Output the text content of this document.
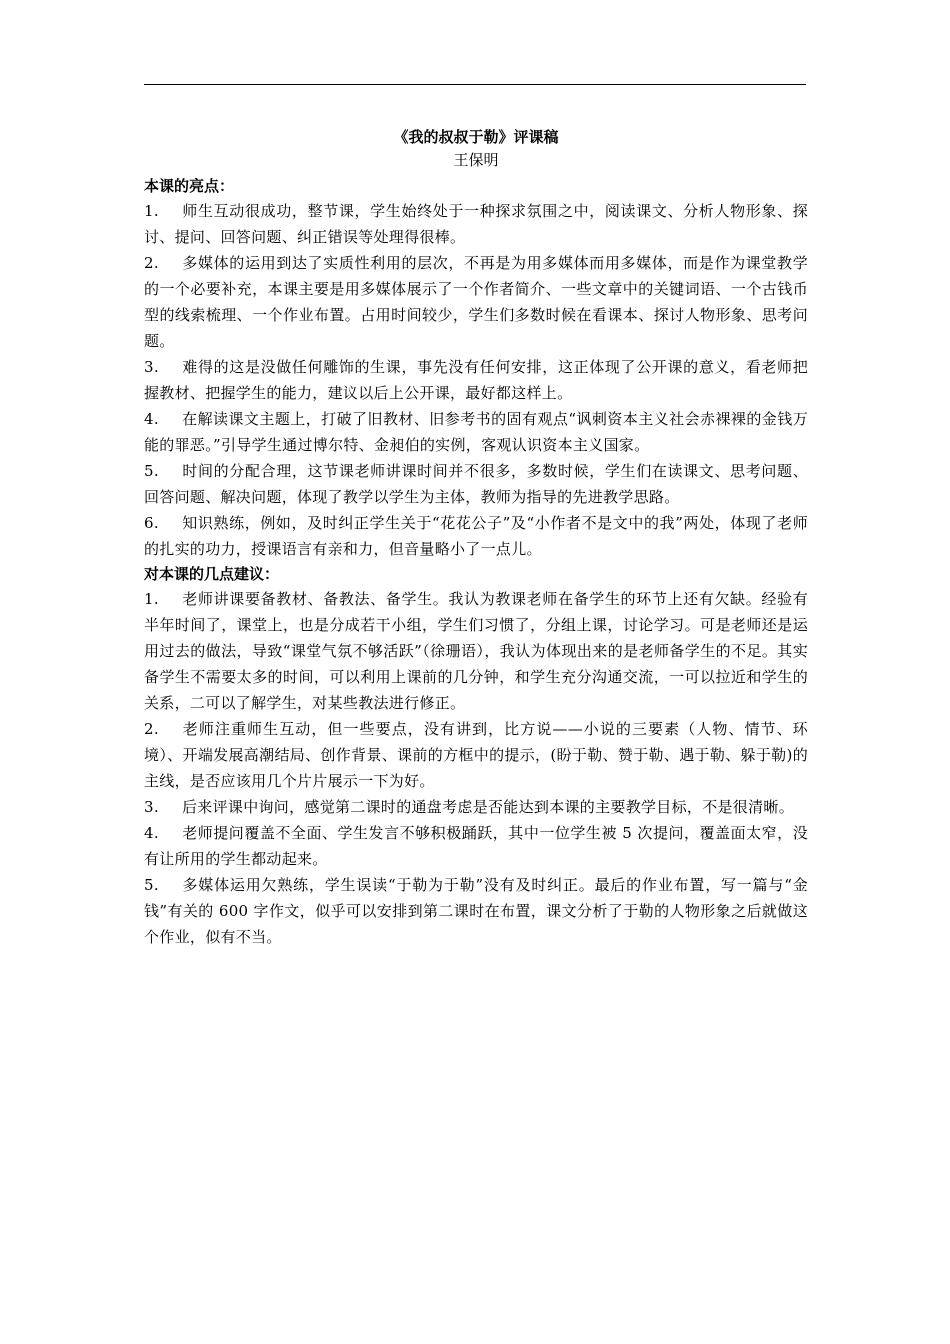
《我的叔叔于勒》评课稿

王保明

本课的亮点：

1. 师生互动很成功，整节课，学生始终处于一种探求氛围之中，阅读课文、分析人物形象、探讨、提问、回答问题、纠正错误等处理得很棒。

2. 多媒体的运用到达了实质性利用的层次，不再是为用多媒体而用多媒体，而是作为课堂教学的一个必要补充，本课主要是用多媒体展示了一个作者简介、一些文章中的关键词语、一个古钱币型的线索梳理、一个作业布置。占用时间较少，学生们多数时候在看课本、探讨人物形象、思考问题。

3. 难得的这是没做任何雕饰的生课，事先没有任何安排，这正体现了公开课的意义，看老师把握教材、把握学生的能力，建议以后上公开课，最好都这样上。

4. 在解读课文主题上，打破了旧教材、旧参考书的固有观点“讽刺资本主义社会赤裸裸的金钱万能的罪恶。”引导学生通过博尔特、金昶伯的实例，客观认识资本主义国家。

5. 时间的分配合理，这节课老师讲课时间并不很多，多数时候，学生们在读课文、思考问题、回答问题、解决问题，体现了教学以学生为主体，教师为指导的先进教学思路。

6. 知识熟练，例如，及时纠正学生关于“花花公子”及“小作者不是文中的我”两处，体现了老师的扎实的功力，授课语言有亲和力，但音量略小了一点儿。

对本课的几点建议：

1. 老师讲课要备教材、备教法、备学生。我认为教课老师在备学生的环节上还有欠缺。经验有半年时间了，课堂上，也是分成若干小组，学生们习惯了，分组上课，讨论学习。可是老师还是运用过去的做法，导致“课堂气氛不够活跃”（徐珊语），我认为体现出来的是老师备学生的不足。其实备学生不需要太多的时间，可以利用上课前的几分钟，和学生充分沟通交流，一可以拉近和学生的关系，二可以了解学生，对某些教法进行修正。

2. 老师注重师生互动，但一些要点，没有讲到，比方说——小说的三要素（人物、情节、环境）、开端发展高潮结局、创作背景、课前的方框中的提示，(盼于勒、赞于勒、遇于勒、躲于勒)的主线，是否应该用几个片片展示一下为好。

3. 后来评课中询问，感觉第二课时的通盘考虑是否能达到本课的主要教学目标，不是很清晰。

4. 老师提问覆盖不全面、学生发言不够积极踊跃，其中一位学生被 5 次提问，覆盖面太窄，没有让所用的学生都动起来。

5. 多媒体运用欠熟练，学生误读“于勒为于勒”没有及时纠正。最后的作业布置，写一篇与“金钱”有关的 600 字作文，似乎可以安排到第二课时在布置，课文分析了于勒的人物形象之后就做这个作业，似有不当。
